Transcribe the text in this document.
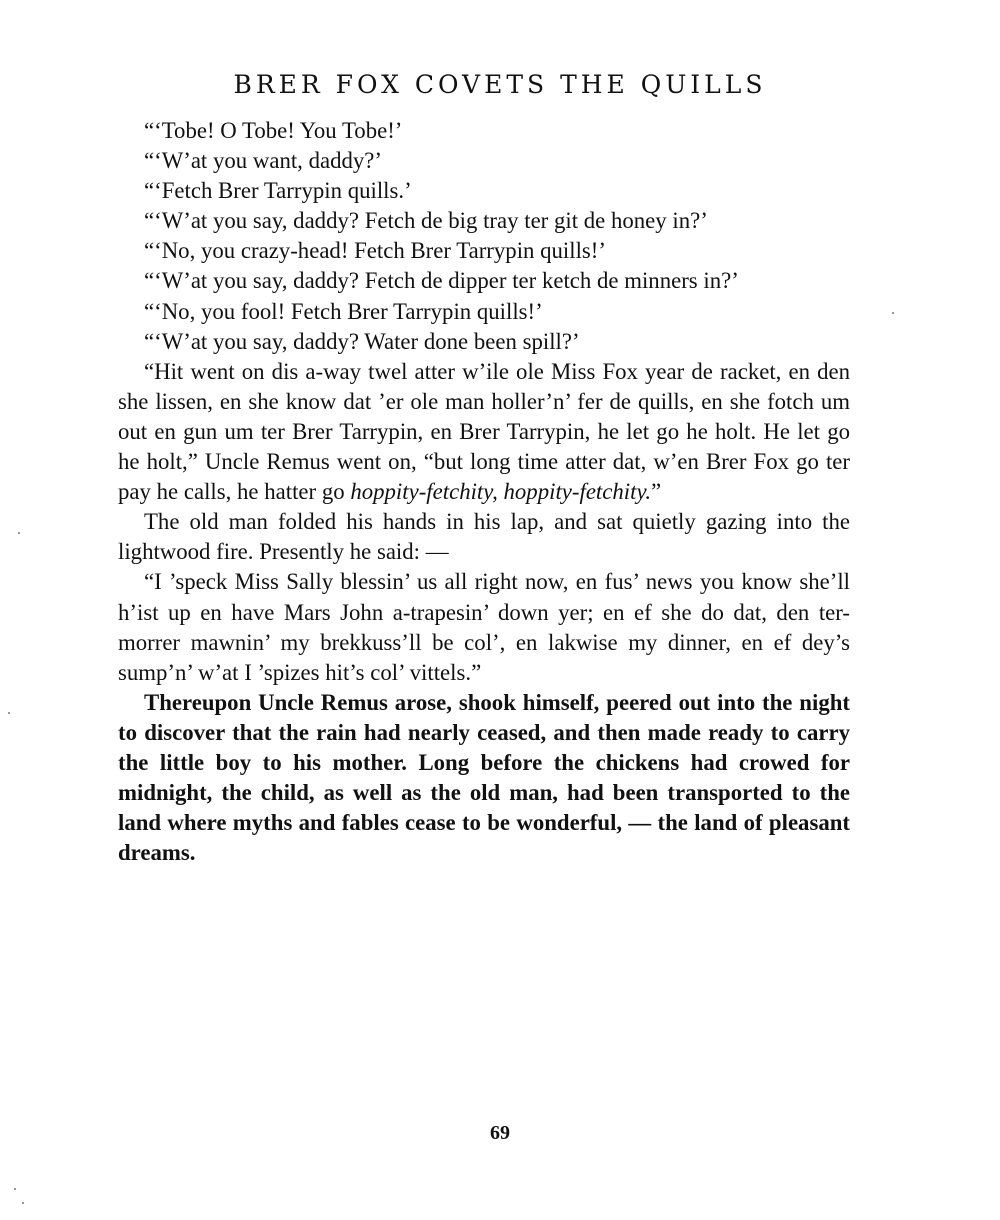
BRER FOX COVETS THE QUILLS

“‘Tobe! O Tobe! You Tobe!’

“‘W’at you want, daddy?’

“‘Fetch Brer Tarrypin quills.’

“‘W’at you say, daddy? Fetch de big tray ter git de honey in?’

“‘No, you crazy-head! Fetch Brer Tarrypin quills!’

“‘W’at you say, daddy? Fetch de dipper ter ketch de minners in?’

“‘No, you fool! Fetch Brer Tarrypin quills!’

“‘W’at you say, daddy? Water done been spill?’

“Hit went on dis a-way twel atter w’ile ole Miss Fox year de racket, en den she lissen, en she know dat ’er ole man holler’n’ fer de quills, en she fotch um out en gun um ter Brer Tarrypin, en Brer Tarrypin, he let go he holt. He let go he holt,” Uncle Remus went on, “but long time atter dat, w’en Brer Fox go ter pay he calls, he hatter go hoppity-fetchity, hoppity-fetchity.”

The old man folded his hands in his lap, and sat quietly gazing into the lightwood fire. Presently he said: —

“I ’speck Miss Sally blessin’ us all right now, en fus’ news you know she’ll h’ist up en have Mars John a-trapesin’ down yer; en ef she do dat, den ter-morrer mawnin’ my brekkuss’ll be col’, en lakwise my dinner, en ef dey’s sump’n’ w’at I ’spizes hit’s col’ vittels.”

Thereupon Uncle Remus arose, shook himself, peered out into the night to discover that the rain had nearly ceased, and then made ready to carry the little boy to his mother. Long before the chickens had crowed for midnight, the child, as well as the old man, had been transported to the land where myths and fables cease to be wonderful, — the land of pleasant dreams.

69
